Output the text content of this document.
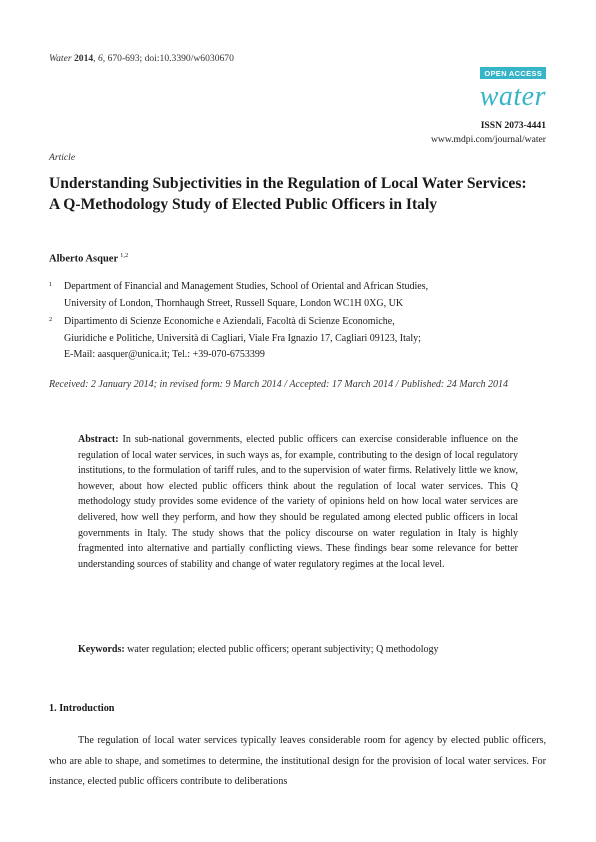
Water 2014, 6, 670-693; doi:10.3390/w6030670
OPEN ACCESS
water
ISSN 2073-4441
www.mdpi.com/journal/water
Article
Understanding Subjectivities in the Regulation of Local Water Services: A Q-Methodology Study of Elected Public Officers in Italy
Alberto Asquer $^{1,2}$
1 Department of Financial and Management Studies, School of Oriental and African Studies,
University of London, Thornhaugh Street, Russell Square, London WC1H 0XG, UK
2 Dipartimento di Scienze Economiche e Aziendali, Facoltà di Scienze Economiche,
Giuridiche e Politiche, Università di Cagliari, Viale Fra Ignazio 17, Cagliari 09123, Italy;
E-Mail: aasquer@unica.it; Tel.: +39-070-6753399
Received: 2 January 2014; in revised form: 9 March 2014 / Accepted: 17 March 2014 / Published: 24 March 2014
Abstract: In sub-national governments, elected public officers can exercise considerable influence on the regulation of local water services, in such ways as, for example, contributing to the design of local regulatory institutions, to the formulation of tariff rules, and to the supervision of water firms. Relatively little we know, however, about how elected public officers think about the regulation of local water services. This Q methodology study provides some evidence of the variety of opinions held on how local water services are delivered, how well they perform, and how they should be regulated among elected public officers in local governments in Italy. The study shows that the policy discourse on water regulation in Italy is highly fragmented into alternative and partially conflicting views. These findings bear some relevance for better understanding sources of stability and change of water regulatory regimes at the local level.
Keywords: water regulation; elected public officers; operant subjectivity; Q methodology
1. Introduction

The regulation of local water services typically leaves considerable room for agency by elected public officers, who are able to shape, and sometimes to determine, the institutional design for the provision of local water services. For instance, elected public officers contribute to deliberations
